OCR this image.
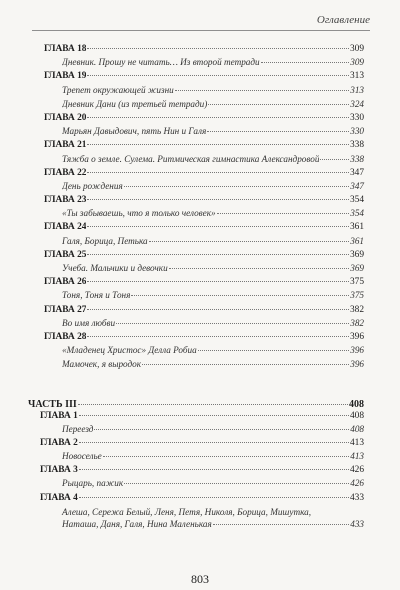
Оглавление
ГЛАВА 18	309
Дневник. Прошу не читать… Из второй тетради	309
ГЛАВА 19	313
Трепет окружающей жизни	313
Дневник Дани (из третьей тетради)	324
ГЛАВА 20	330
Марьян Давыдович, пять Нин и Галя	330
ГЛАВА 21	338
Тяжба о земле. Сулема. Ритмическая гимнастика Александровой	338
ГЛАВА 22	347
День рождения	347
ГЛАВА 23	354
«Ты забываешь, что я только человек»	354
ГЛАВА 24	361
Галя, Борица, Петька	361
ГЛАВА 25	369
Учеба. Мальчики и девочки	369
ГЛАВА 26	375
Тоня, Тоня и Тоня	375
ГЛАВА 27	382
Во имя любви	382
ГЛАВА 28	396
«Младенец Христос» Делла Робиа	396
Мамочек, я выродок	396
ЧАСТЬ III	408
ГЛАВА 1	408
Переезд	408
ГЛАВА 2	413
Новоселье	413
ГЛАВА 3	426
Рыцарь, пажик	426
ГЛАВА 4	433
Алеша, Сережа Белый, Леня, Петя, Николя, Борица, Мишутка,
Наташа, Даня, Галя, Нина Маленькая	433
803
